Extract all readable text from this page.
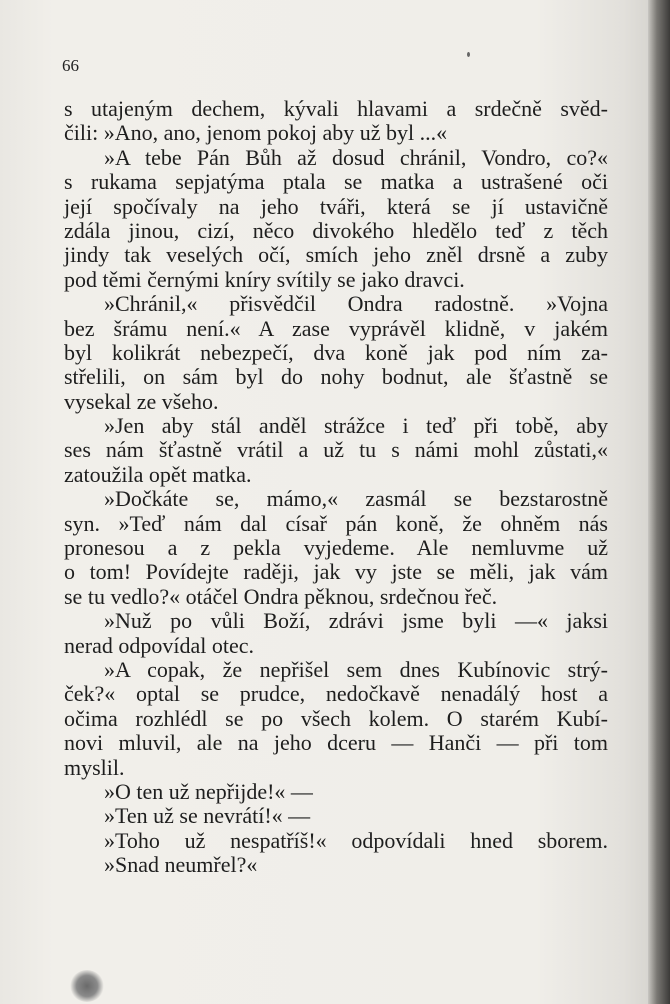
66
s utajeným dechem, kývali hlavami a srdečně svěd-
čili: »Ano, ano, jenom pokoj aby už byl ...«
»A tebe Pán Bůh až dosud chránil, Vondro, co?«
s rukama sepjatýma ptala se matka a ustrašené oči
její spočívaly na jeho tváři, která se jí ustavičně
zdála jinou, cizí, něco divokého hledělo teď z těch
jindy tak veselých očí, smích jeho zněl drsně a zuby
pod těmi černými kníry svítily se jako dravci.
»Chránil,« přisvědčil Ondra radostně. »Vojna
bez šrámu není.« A zase vyprávěl klidně, v jakém
byl kolikrát nebezpečí, dva koně jak pod ním za-
střelili, on sám byl do nohy bodnut, ale šťastně se
vysekal ze všeho.
»Jen aby stál anděl strážce i teď při tobě, aby
ses nám šťastně vrátil a už tu s námi mohl zůstati,«
zatoužila opět matka.
»Dočkáte se, mámo,« zasmál se bezstarostně
syn. »Teď nám dal císař pán koně, že ohněm nás
pronesou a z pekla vyjedeme. Ale nemluvme už
o tom! Povídejte raději, jak vy jste se měli, jak vám
se tu vedlo?« otáčel Ondra pěknou, srdečnou řeč.
»Nuž po vůli Boží, zdrávi jsme byli —« jaksi
nerad odpovídal otec.
»A copak, že nepřišel sem dnes Kubínovic strý-
ček?« optal se prudce, nedočkavě nenadálý host a
očima rozhlédl se po všech kolem. O starém Kubí-
novi mluvil, ale na jeho dceru — Hanči — při tom
myslil.
»O ten už nepřijde!« —
»Ten už se nevrátí!« —
»Toho už nespatříš!« odpovídali hned sborem.
»Snad neumřel?«
